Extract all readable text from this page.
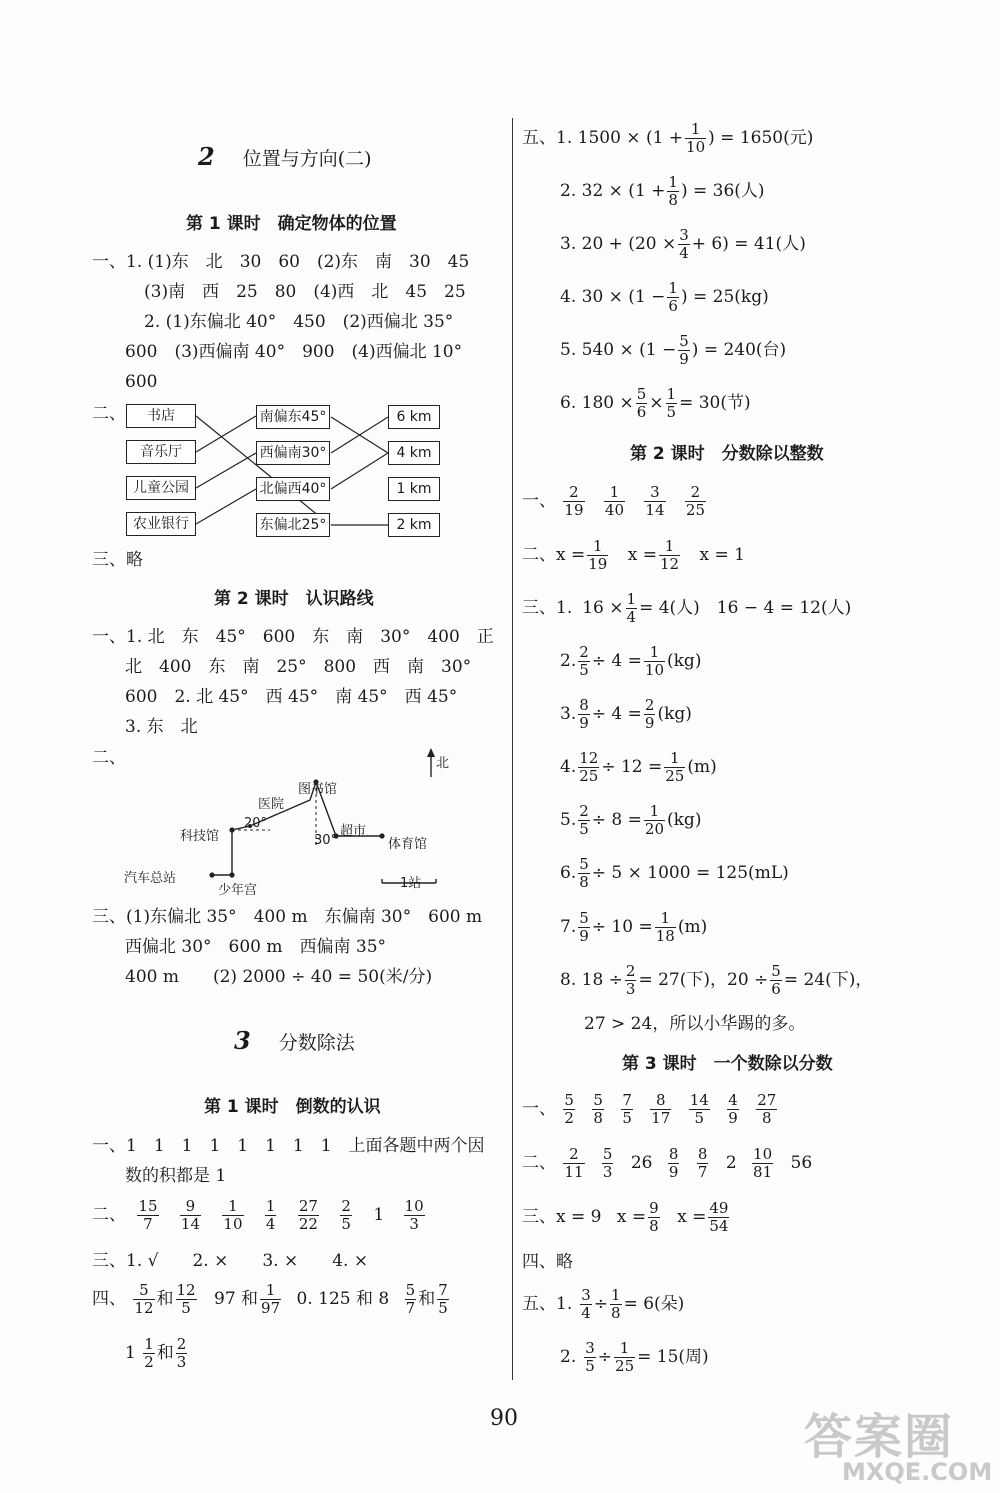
2 位置与方向(二)
第 1 课时　确定物体的位置
一、1. (1)东　北　30　60　(2)东　南　30　45
(3)南　西　25　80　(4)西　北　45　25
2. (1)东偏北 40°　450　(2)西偏北 35°
600　(3)西偏南 40°　900　(4)西偏北 10°
600
二、	书店
音乐厅
儿童公园
农业银行
南偏东45°
西偏南30°
北偏西40°
东偏北25°
6 km
4 km
1 km
2 km
三、略
第 2 课时　认识路线
一、1. 北　东　45°　600　东　南　30°　400　正
北　400　东　南　25°　800　西　南　30°
600　2. 北 45°　西 45°　南 45°　西 45°
3. 东　北
二、	北
图书馆
医院
科技馆
20°
超市
30°	体育馆
汽车总站
少年宫	1站
三、(1)东偏北 35°　400 m　东偏南 30°　600 m
西偏北 30°　600 m　西偏南 35°
400 m　　(2) 2000 ÷ 40 = 50(米/分)
3 分数除法
第 1 课时　倒数的认识
一、1　1　1　1　1　1　1　1　上面各题中两个因
数的积都是 1
二、 $\frac{15}{7}$
$\frac{9}{14}$
$\frac{1}{10}$
$\frac{1}{4}$
$\frac{27}{22}$
$\frac{2}{5} 1 \frac{10}{3}$
三、1. √　　2. ×　　3. ×　　4. ×
四、 $\frac{5}{12}$ 和 $\frac{12}{5} 97$ 和 $\frac{1}{97} 0$. 125 和 $8 \frac{5}{7}$ 和 $\frac{7}{5}$
$1 \frac{1}{2}$ 和 $\frac{2}{3}$
五、1. $1500 \times (1 + \frac{1}{10}$ ) = 1650(元)
2. $32 \times (1 + \frac{1}{8}$ ) = 36(人)
3. $20 + (20 \times \frac{3}{4} + 6) = 41$(人)
4. $30 \times (1 - \frac{1}{6}$ ) = 25(kg)
5. $540 \times (1 - \frac{5}{9}$ ) = 240(台)
6. $180 \times \frac{5}{6} \times \frac{1}{5} = 30$(节)
第 2 课时　分数除以整数
一、 $\frac{2}{19}$
$\frac{1}{40}$
$\frac{3}{14}$
$\frac{2}{25}$
二、$x = \frac{1}{19}$ $x = \frac{1}{12}$ x = 1
三、1. $16 \times \frac{1}{4} = 4$(人)　16 − 4 = 12(人)
2. $\frac{2}{5} \div 4 = \frac{1}{10} (kg)$
3. $\frac{8}{9} \div 4 = \frac{2}{9} (kg)$
4. $\frac{12}{25} \div 12 = \frac{1}{25} (m)$
5. $\frac{2}{5} \div 8 = \frac{1}{20} (kg)$
6. $\frac{5}{8} \div 5 \times 1000 = 125(mL)$
7. $\frac{5}{9} \div 10 = \frac{1}{18} (m)$
8. $18 \div \frac{2}{3} = 27$(下)，$20 \div \frac{5}{6} = 24$(下)，
27 > 24，所以小华踢的多。
第 3 课时　一个数除以分数
一、 $\frac{5}{2}$
$\frac{5}{8}$
$\frac{7}{5}$
$\frac{8}{17}$
$\frac{14}{5}$
$\frac{4}{9}$
$\frac{27}{8}$
二、 $\frac{2}{11}$
$\frac{5}{3} 26 \frac{8}{9}$
$\frac{8}{7} 2 \frac{10}{81} 56$
三、x = 9 $x = \frac{9}{8}$ $x = \frac{49}{54}$
四、略
五、1. $\frac{3}{4} \div \frac{1}{8} = 6$(朵)
2. $\frac{3}{5} \div \frac{1}{25} = 15$(周)
90	答案圈
MXQE.COM
